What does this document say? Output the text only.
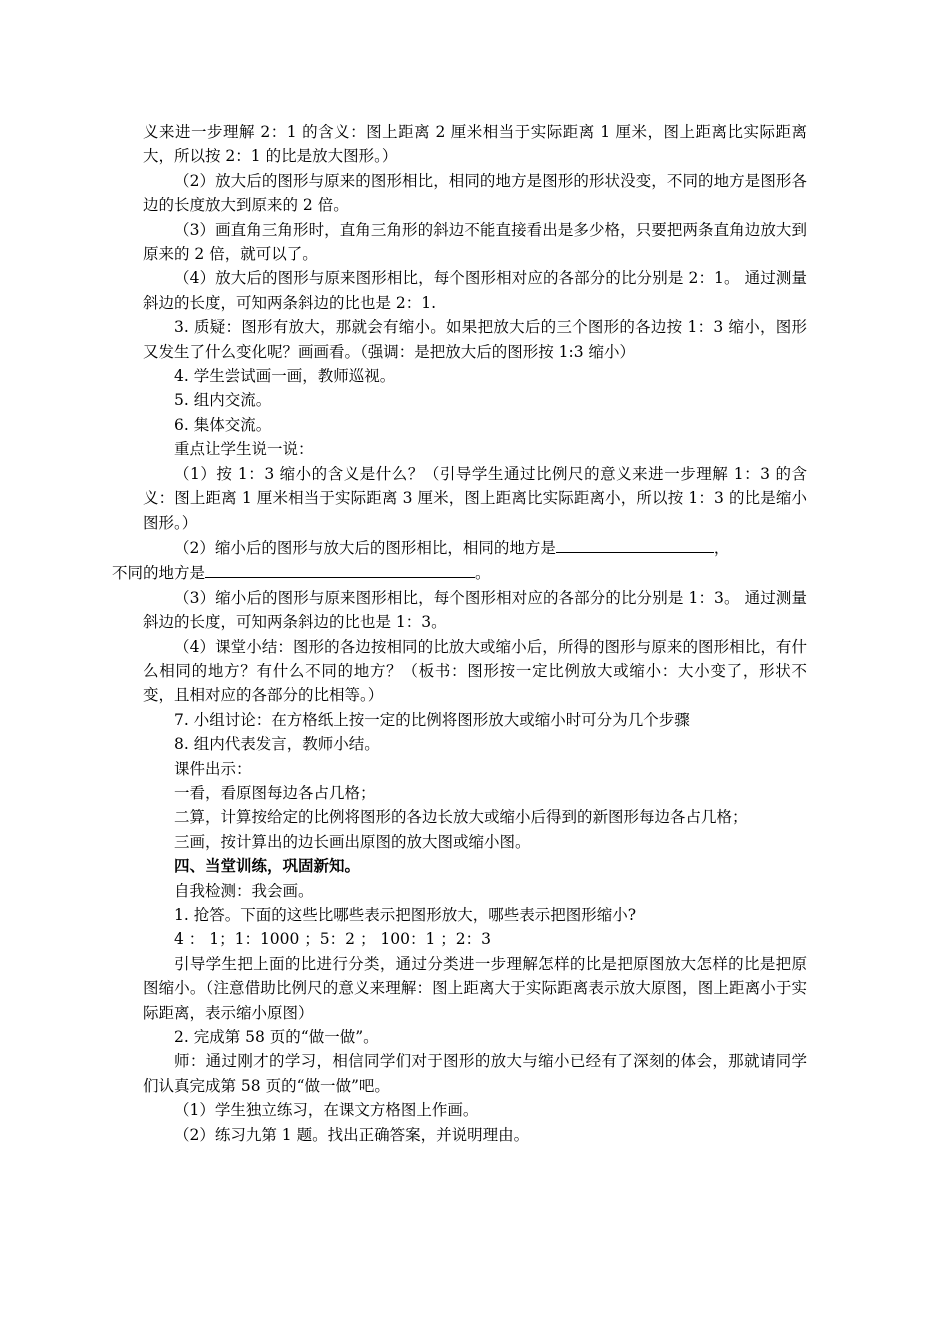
义来进一步理解 2：1 的含义：图上距离 2 厘米相当于实际距离 1 厘米，图上距离比实际距离大，所以按 2：1 的比是放大图形。）

（2）放大后的图形与原来的图形相比，相同的地方是图形的形状没变，不同的地方是图形各边的长度放大到原来的 2 倍。

（3）画直角三角形时，直角三角形的斜边不能直接看出是多少格，只要把两条直角边放大到原来的 2 倍，就可以了。

（4）放大后的图形与原来图形相比，每个图形相对应的各部分的比分别是 2：1。 通过测量斜边的长度，可知两条斜边的比也是 2：1.

3. 质疑：图形有放大，那就会有缩小。如果把放大后的三个图形的各边按 1：3 缩小，图形又发生了什么变化呢？画画看。（强调：是把放大后的图形按 1:3 缩小）

4. 学生尝试画一画，教师巡视。

5. 组内交流。

6. 集体交流。

重点让学生说一说：

（1）按 1：3 缩小的含义是什么？（引导学生通过比例尺的意义来进一步理解 1：3 的含义：图上距离 1 厘米相当于实际距离 3 厘米，图上距离比实际距离小，所以按 1：3 的比是缩小图形。）

（2）缩小后的图形与放大后的图形相比，相同的地方是	，
不同的地方是	。

（3）缩小后的图形与原来图形相比，每个图形相对应的各部分的比分别是 1：3。 通过测量斜边的长度，可知两条斜边的比也是 1：3。

（4）课堂小结：图形的各边按相同的比放大或缩小后，所得的图形与原来的图形相比，有什么相同的地方？有什么不同的地方？（板书：图形按一定比例放大或缩小：大小变了，形状不变，且相对应的各部分的比相等。）

7. 小组讨论：在方格纸上按一定的比例将图形放大或缩小时可分为几个步骤

8. 组内代表发言，教师小结。

课件出示：

一看，看原图每边各占几格；

二算，计算按给定的比例将图形的各边长放大或缩小后得到的新图形每边各占几格；

三画，按计算出的边长画出原图的放大图或缩小图。

四、当堂训练，巩固新知。

自我检测：我会画。

1. 抢答。下面的这些比哪些表示把图形放大，哪些表示把图形缩小?

4 ： 1；1：1000 ；5：2 ； 100：1 ；2：3

引导学生把上面的比进行分类，通过分类进一步理解怎样的比是把原图放大怎样的比是把原图缩小。（注意借助比例尺的意义来理解：图上距离大于实际距离表示放大原图，图上距离小于实际距离，表示缩小原图）

2. 完成第 58 页的“做一做”。

师：通过刚才的学习，相信同学们对于图形的放大与缩小已经有了深刻的体会，那就请同学们认真完成第 58 页的“做一做”吧。

（1）学生独立练习，在课文方格图上作画。

（2）练习九第 1 题。找出正确答案，并说明理由。
